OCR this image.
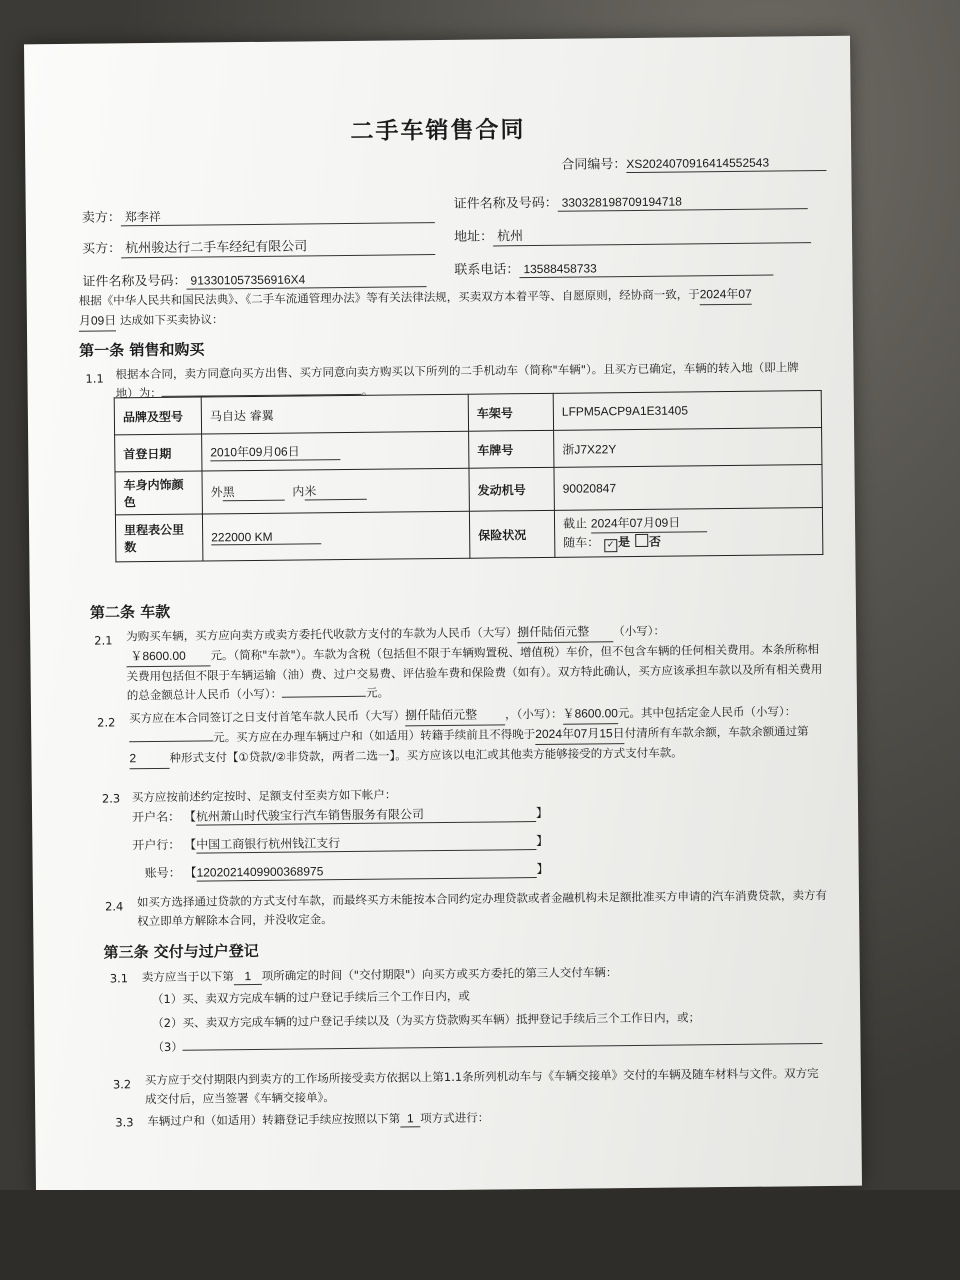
二手车销售合同
合同编号：XS2024070916414552543
卖方： 郑李祥
证件名称及号码： 330328198709194718
买方： 杭州骏达行二手车经纪有限公司
地址： 杭州
证件名称及号码： 913301057356916X4
联系电话： 13588458733
根据《中华人民共和国民法典》、《二手车流通管理办法》等有关法律法规，买卖双方本着平等、自愿原则，经协商一致，于2024年07
月09日 达成如下买卖协议：
第一条 销售和购买
1.1 根据本合同，卖方同意向买方出售、买方同意向卖方购买以下所列的二手机动车（简称"车辆"）。且买方已确定，车辆的转入地（即上牌地）为：	。
品牌及型号	马自达 睿翼	车架号	LFPM5ACP9A1E31405
首登日期	2010年09月06日	车牌号	浙J7X22Y
车身内饰颜色	外黑 内米	发动机号	90020847
里程表公里数	222000 KM	保险状况	截止 2024年07月09日
随车： ✓ 是 否
第二条 车款
2.1 为购买车辆，买方应向卖方或卖方委托代收款方支付的车款为人民币（大写）捌仟陆佰元整 （小写）：
￥8600.00 元。（简称"车款"）。车款为含税（包括但不限于车辆购置税、增值税）车价，但不包含车辆的任何相关费用。本条所称相关费用包括但不限于车辆运输（油）费、过户交易费、评估验车费和保险费（如有）。双方特此确认，买方应该承担车款以及所有相关费用的总金额总计人民币（小写）：	元。
2.2 买方应在本合同签订之日支付首笔车款人民币（大写）捌仟陆佰元整 ，（小写）：￥8600.00元。其中包括定金人民币（小写）：元。买方应在办理车辆过户和（如适用）转籍手续前且不得晚于2024年07月15日付清所有车款余额，车款余额通过第2	种形式支付【①贷款/②非贷款，两者二选一】。买方应该以电汇或其他卖方能够接受的方式支付车款。
2.3 买方应按前述约定按时、足额支付至卖方如下帐户：
开户名： 【杭州萧山时代骏宝行汽车销售服务有限公司	】
开户行： 【中国工商银行杭州钱江支行	】
账号： 【1202021409900368975	】
2.4 如买方选择通过贷款的方式支付车款，而最终买方未能按本合同约定办理贷款或者金融机构未足额批准买方申请的汽车消费贷款，卖方有权立即单方解除本合同，并没收定金。
第三条 交付与过户登记
3.1 卖方应当于以下第 1 项所确定的时间（"交付期限"）向买方或买方委托的第三人交付车辆：
（1）买、卖双方完成车辆的过户登记手续后三个工作日内，或
（2）买、卖双方完成车辆的过户登记手续以及（为买方贷款购买车辆）抵押登记手续后三个工作日内，或；
（3）
3.2 买方应于交付期限内到卖方的工作场所接受卖方依据以上第1.1条所列机动车与《车辆交接单》交付的车辆及随车材料与文件。双方完成交付后，应当签署《车辆交接单》。
3.3 车辆过户和（如适用）转籍登记手续应按照以下第 1 项方式进行：
